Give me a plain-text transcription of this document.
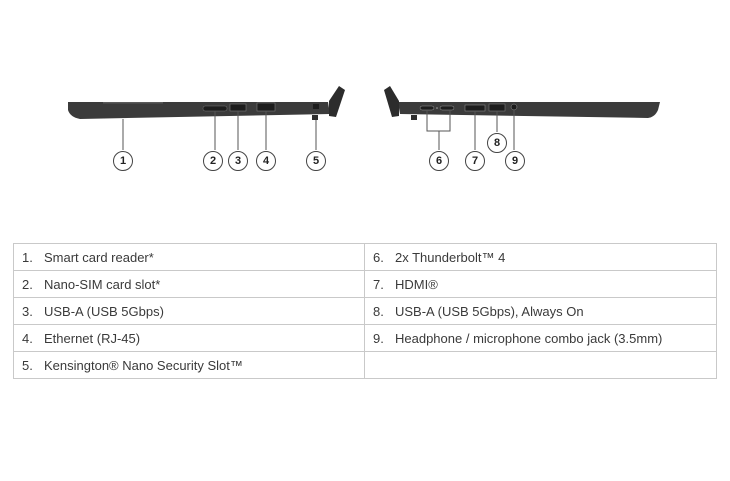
1	2	3	4	5	6	7
8
9
1. Smart card reader*	6. 2x Thunderbolt™ 4
2. Nano-SIM card slot*	7. HDMI®
3. USB-A (USB 5Gbps)	8. USB-A (USB 5Gbps), Always On
4. Ethernet (RJ-45)	9. Headphone / microphone combo jack (3.5mm)
5. Kensington® Nano Security Slot™	
